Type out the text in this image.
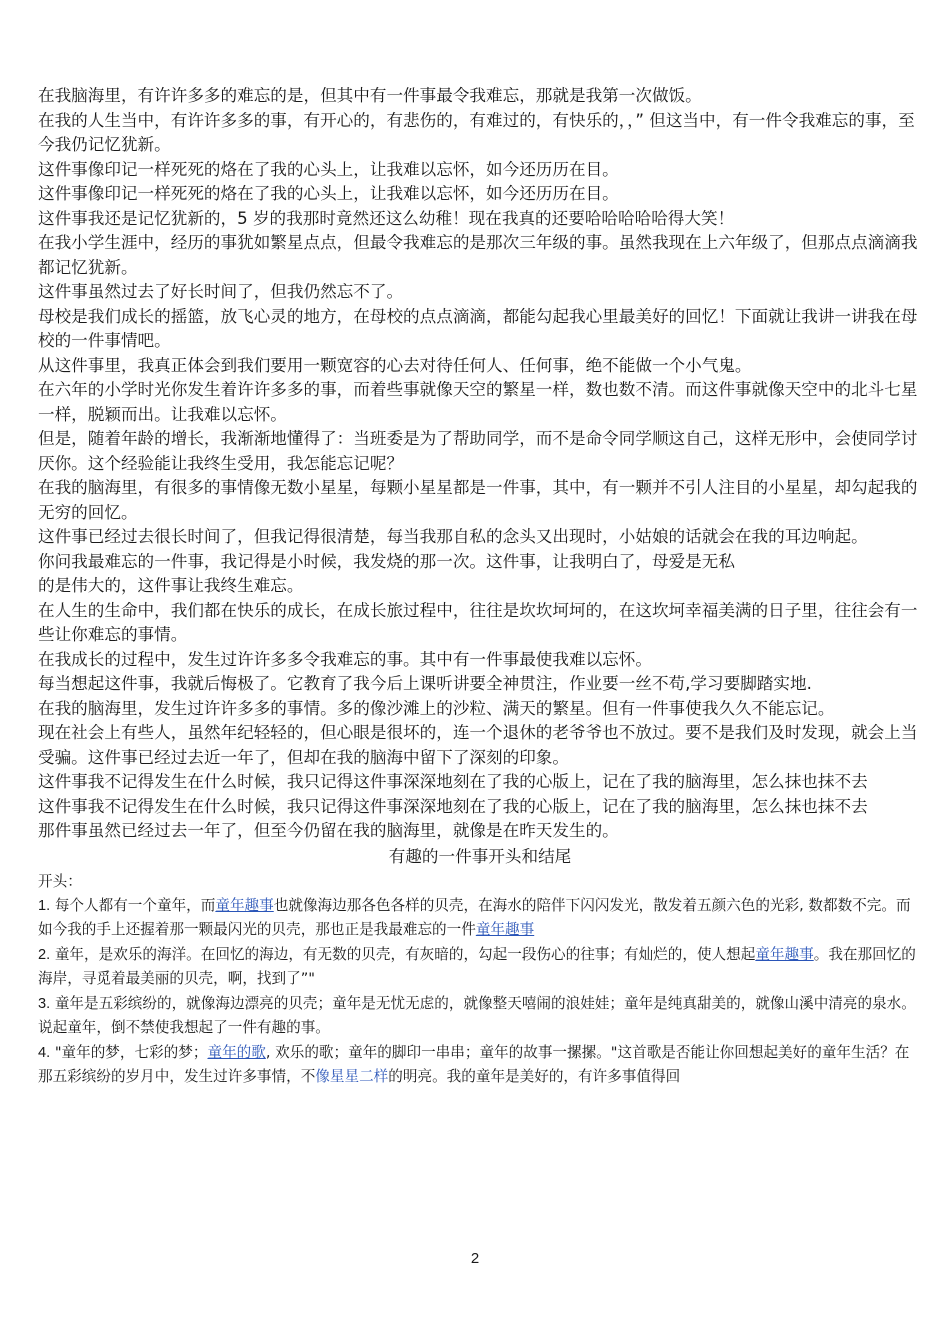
在我脑海里，有许许多多的难忘的是，但其中有一件事最令我难忘，那就是我第一次做饭。

在我的人生当中，有许许多多的事，有开心的，有悲伤的，有难过的，有快乐的，，” 但这当中，有一件令我难忘的事，至今我仍记忆犹新。

这件事像印记一样死死的烙在了我的心头上，让我难以忘怀，如今还历历在目。

这件事像印记一样死死的烙在了我的心头上，让我难以忘怀，如今还历历在目。

这件事我还是记忆犹新的，5 岁的我那时竟然还这么幼稚！现在我真的还要哈哈哈哈哈得大笑！

在我小学生涯中，经历的事犹如繁星点点，但最令我难忘的是那次三年级的事。虽然我现在上六年级了，但那点点滴滴我都记忆犹新。

这件事虽然过去了好长时间了，但我仍然忘不了。

母校是我们成长的摇篮，放飞心灵的地方，在母校的点点滴滴，都能勾起我心里最美好的回忆！下面就让我讲一讲我在母校的一件事情吧。

从这件事里，我真正体会到我们要用一颗宽容的心去对待任何人、任何事，绝不能做一个小气鬼。

在六年的小学时光你发生着许许多多的事，而着些事就像天空的繁星一样，数也数不清。而这件事就像天空中的北斗七星一样，脱颖而出。让我难以忘怀。

但是，随着年龄的增长，我渐渐地懂得了：当班委是为了帮助同学，而不是命令同学顺这自己，这样无形中，会使同学讨厌你。这个经验能让我终生受用，我怎能忘记呢？

在我的脑海里，有很多的事情像无数小星星，每颗小星星都是一件事，其中，有一颗并不引人注目的小星星，却勾起我的无穷的回忆。

这件事已经过去很长时间了，但我记得很清楚，每当我那自私的念头又出现时，小姑娘的话就会在我的耳边响起。

你问我最难忘的一件事，我记得是小时候，我发烧的那一次。这件事，让我明白了，母爱是无私
的是伟大的，这件事让我终生难忘。

在人生的生命中，我们都在快乐的成长，在成长旅过程中，往往是坎坎坷坷的，在这坎坷幸福美满的日子里，往往会有一些让你难忘的事情。

在我成长的过程中，发生过许许多多令我难忘的事。其中有一件事最使我难以忘怀。

每当想起这件事，我就后悔极了。它教育了我今后上课听讲要全神贯注，作业要一丝不苟,学习要脚踏实地.

在我的脑海里，发生过许许多多的事情。多的像沙滩上的沙粒、满天的繁星。但有一件事使我久久不能忘记。

现在社会上有些人，虽然年纪轻轻的，但心眼是很坏的，连一个退休的老爷爷也不放过。要不是我们及时发现，就会上当受骗。这件事已经过去近一年了，但却在我的脑海中留下了深刻的印象。

这件事我不记得发生在什么时候，我只记得这件事深深地刻在了我的心版上，记在了我的脑海里，怎么抹也抹不去

这件事我不记得发生在什么时候，我只记得这件事深深地刻在了我的心版上，记在了我的脑海里，怎么抹也抹不去

那件事虽然已经过去一年了，但至今仍留在我的脑海里，就像是在昨天发生的。

有趣的一件事开头和结尾

开头：

1. 每个人都有一个童年，而童年趣事也就像海边那各色各样的贝壳，在海水的陪伴下闪闪发光，散发着五颜六色的光彩, 数都数不完。而如今我的手上还握着那一颗最闪光的贝壳，那也正是我最难忘的一件童年趣事

2. 童年，是欢乐的海洋。在回忆的海边，有无数的贝壳，有灰暗的，勾起一段伤心的往事；有灿烂的，使人想起童年趣事。我在那回忆的海岸，寻觅着最美丽的贝壳，啊，找到了”"

3. 童年是五彩缤纷的，就像海边漂亮的贝壳；童年是无忧无虑的，就像整天嘻闹的浪娃娃；童年是纯真甜美的，就像山溪中清亮的泉水。说起童年，倒不禁使我想起了一件有趣的事。

4. "童年的梦，七彩的梦；童年的歌, 欢乐的歌；童年的脚印一串串；童年的故事一摞摞。"这首歌是否能让你回想起美好的童年生活？在那五彩缤纷的岁月中，发生过许多事情，不像星星二样的明亮。我的童年是美好的，有许多事值得回

2
